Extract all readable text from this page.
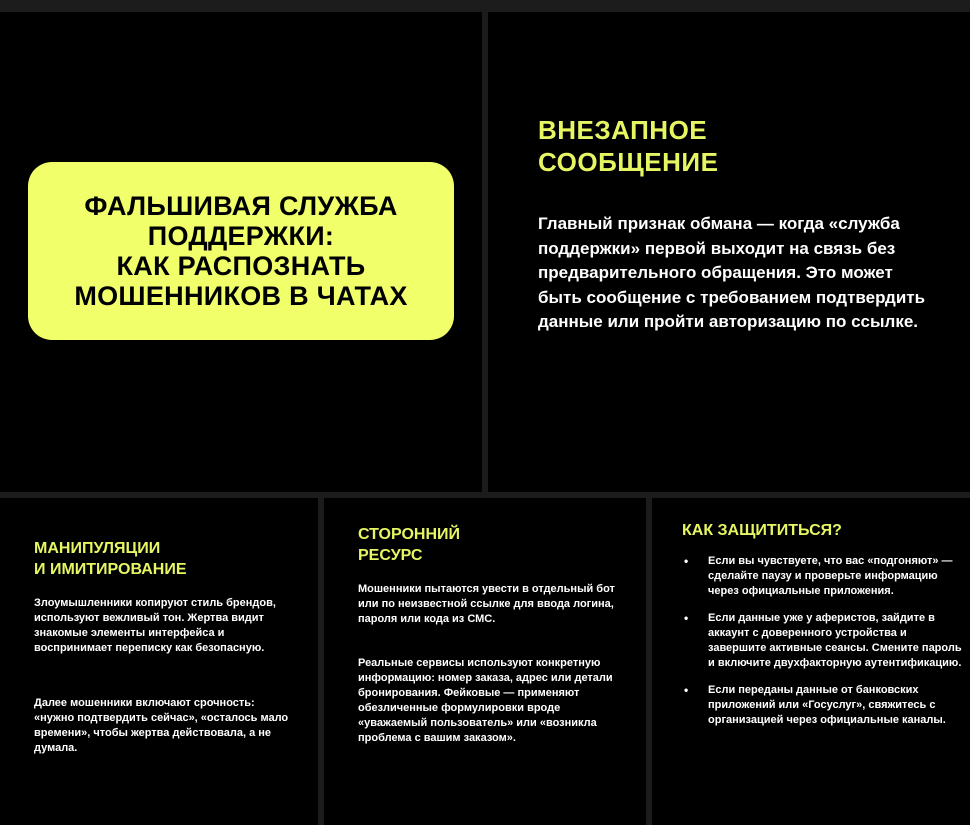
ФАЛЬШИВАЯ СЛУЖБА
ПОДДЕРЖКИ:
КАК РАСПОЗНАТЬ
МОШЕННИКОВ В ЧАТАХ
ВНЕЗАПНОЕ
СООБЩЕНИЕ

Главный признак обмана — когда «служба поддержки» первой выходит на связь без предварительного обращения. Это может быть сообщение с требованием подтвердить данные или пройти авторизацию по ссылке.

МАНИПУЛЯЦИИ
И ИМИТИРОВАНИЕ

Злоумышленники копируют стиль брендов, используют вежливый тон. Жертва видит знакомые элементы интерфейса и воспринимает переписку как безопасную.

Далее мошенники включают срочность: «нужно подтвердить сейчас», «осталось мало времени», чтобы жертва действовала, а не думала.

СТОРОННИЙ
РЕСУРС

Мошенники пытаются увести в отдельный бот или по неизвестной ссылке для ввода логина, пароля или кода из СМС.

Реальные сервисы используют конкретную информацию: номер заказа, адрес или детали бронирования. Фейковые — применяют обезличенные формулировки вроде «уважаемый пользователь» или «возникла проблема с вашим заказом».

КАК ЗАЩИТИТЬСЯ?
• Если вы чувствуете, что вас «подгоняют» — сделайте паузу и проверьте информацию через официальные приложения.
• Если данные уже у аферистов, зайдите в аккаунт с доверенного устройства и завершите активные сеансы. Смените пароль и включите двухфакторную аутентификацию.
• Если переданы данные от банковских приложений или «Госуслуг», свяжитесь с организацией через официальные каналы.
